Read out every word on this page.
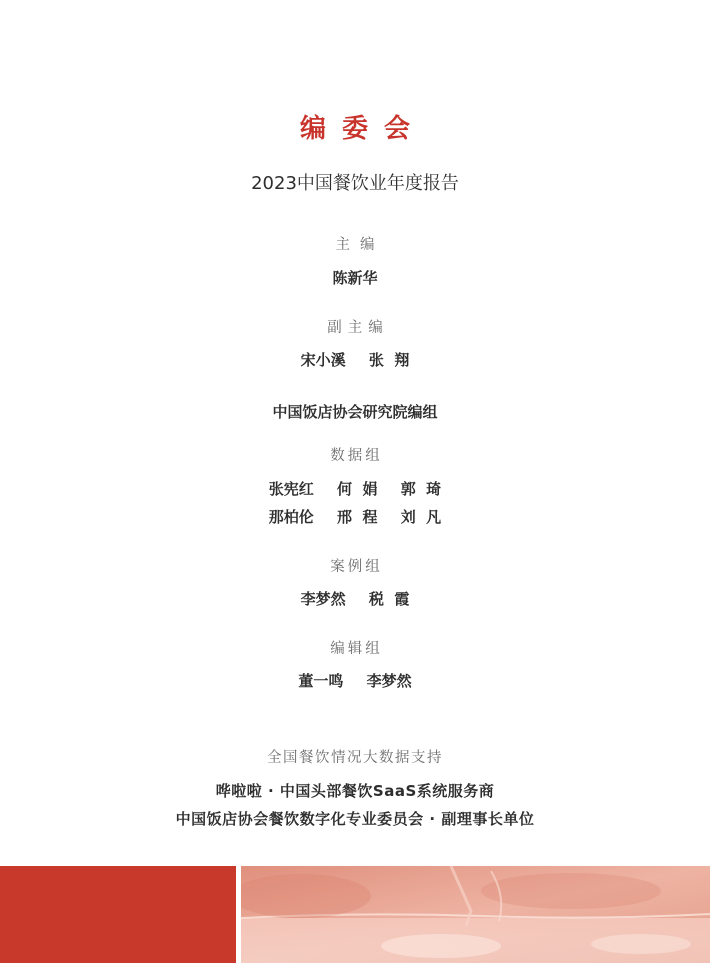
编委会
2023中国餐饮业年度报告
主编
陈新华
副主编
宋小溪 张  翔
中国饭店协会研究院编组
数据组
张宪红 何  娟 郭  琦
那柏伦 邢  程 刘  凡
案例组
李梦然 税  霞
编辑组
董一鸣 李梦然
全国餐饮情况大数据支持
哗啦啦 · 中国头部餐饮SaaS系统服务商
中国饭店协会餐饮数字化专业委员会 · 副理事长单位
